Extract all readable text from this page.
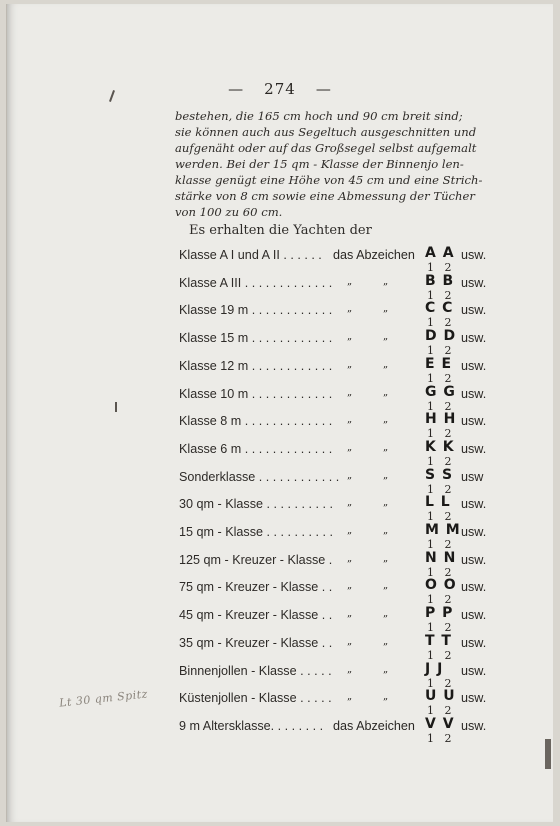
— 274 —
bestehen, die 165 cm hoch und 90 cm breit sind;
sie können auch aus Segeltuch ausgeschnitten und
aufgenäht oder auf das Großsegel selbst aufgemalt
werden. Bei der 15 qm - Klasse der Binnenjo len-
klasse genügt eine Höhe von 45 cm und eine Strich-
stärke von 8 cm sowie eine Abmessung der Tücher
von 100 zu 60 cm.
Es erhalten die Yachten der
Klasse A I und A II . . . . . . das Abzeichen A A usw.
1 2
Klasse A III . . . . . . . . . . . . . „	„	B B usw.
1 2
Klasse 19 m . . . . . . . . . . . . „	„	C C usw.
1 2
Klasse 15 m . . . . . . . . . . . . „	„	D D usw.
1 2
Klasse 12 m . . . . . . . . . . . . „	„	E E usw.
1 2
Klasse 10 m . . . . . . . . . . . . „	„	G G usw.
1 2
Klasse 8 m . . . . . . . . . . . . . „	„	H H usw.
1 2
Klasse 6 m . . . . . . . . . . . . . „	„	K K usw.
1 2
Sonderklasse . . . . . . . . . . . . „	„	S S usw
1 2
30 qm - Klasse . . . . . . . . . . „	„	L L usw.
1 2
15 qm - Klasse . . . . . . . . . . „	„	M M usw.
1 2
125 qm - Kreuzer - Klasse . „	„	N N usw.
1 2
75 qm - Kreuzer - Klasse . . „	„	O O usw.
1 2
45 qm - Kreuzer - Klasse . . „	„	P P usw.
1 2
35 qm - Kreuzer - Klasse . . „	„	T T usw.
1 2
Binnenjollen - Klasse . . . . . „	„	J J usw.
1 2
Küstenjollen - Klasse . . . . . „	„	U U usw.
1 2
9 m Altersklasse. . . . . . . . das Abzeichen V V usw.
1 2
Lt 30 qm Spitz
